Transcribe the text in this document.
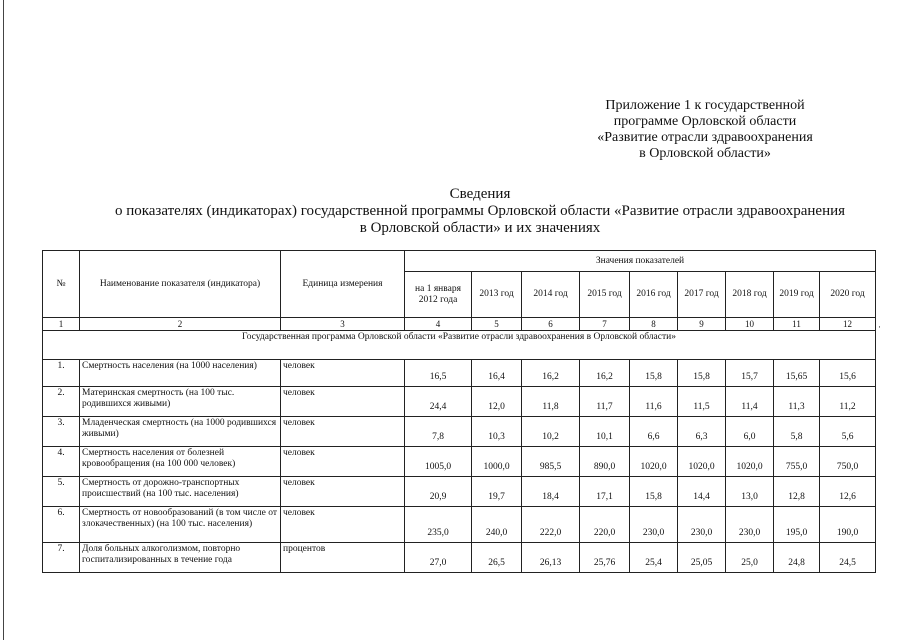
Приложение 1 к государственной
программе Орловской области
«Развитие отрасли здравоохранения
в Орловской области»
Сведения
о показателях (индикаторах) государственной программы Орловской области «Развитие отрасли здравоохранения
в Орловской области» и их значениях
№	Наименование показателя (индикатора)	Единица измерения	Значения показателей								
			на 1 января 2012 года	2013 год	2014 год	2015 год	2016 год	2017 год	2018 год	2019 год	2020 год
1	2	3	4	5	6	7	8	9	10	11	12
Государственная программа Орловской области «Развитие отрасли здравоохранения в Орловской области»											
1.	Смертность населения (на 1000 населения)	человек	16,5	16,4	16,2	16,2	15,8	15,8	15,7	15,65	15,6
2.	Материнская смертность (на 100 тыс. родившихся живыми)	человек	24,4	12,0	11,8	11,7	11,6	11,5	11,4	11,3	11,2
3.	Младенческая смертность (на 1000 родившихся живыми)	человек	7,8	10,3	10,2	10,1	6,6	6,3	6,0	5,8	5,6
4.	Смертность населения от болезней кровообращения (на 100 000 человек)	человек	1005,0	1000,0	985,5	890,0	1020,0	1020,0	1020,0	755,0	750,0
5.	Смертность от дорожно-транспортных происшествий (на 100 тыс. населения)	человек	20,9	19,7	18,4	17,1	15,8	14,4	13,0	12,8	12,6
6.	Смертность от новообразований (в том числе от злокачественных) (на 100 тыс. населения)	человек	235,0	240,0	222,0	220,0	230,0	230,0	230,0	195,0	190,0
7.	Доля больных алкоголизмом, повторно госпитализированных в течение года	процентов	27,0	26,5	26,13	25,76	25,4	25,05	25,0	24,8	24,5
·
